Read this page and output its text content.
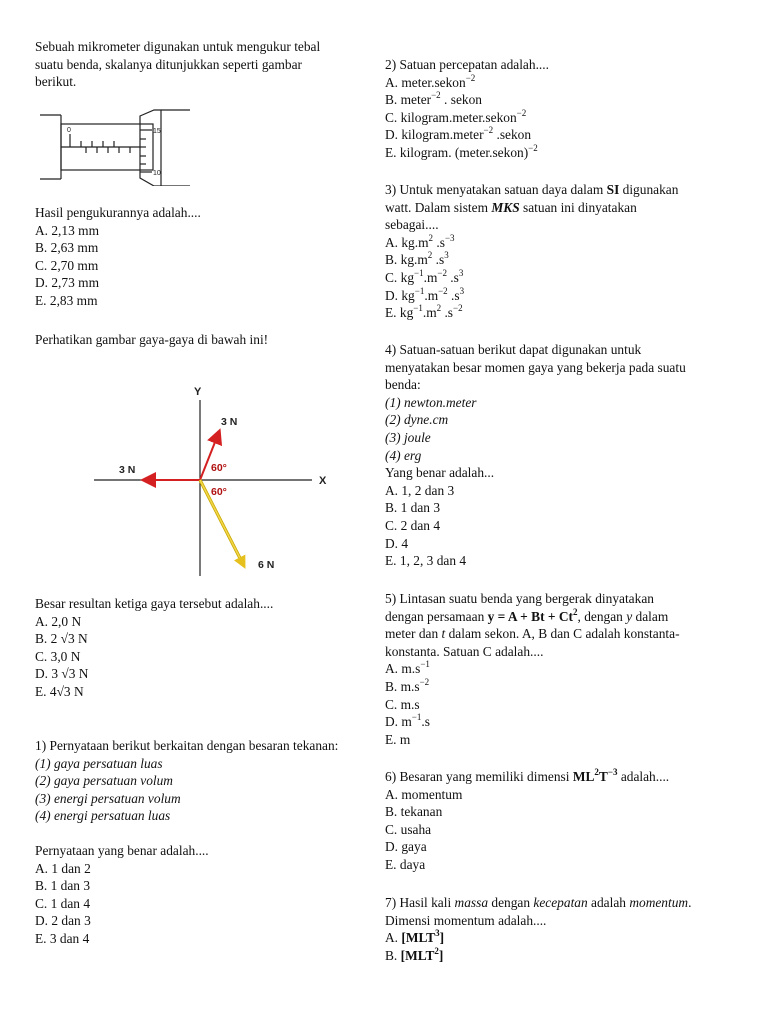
Sebuah mikrometer digunakan untuk mengukur tebal
suatu benda, skalanya ditunjukkan seperti gambar
berikut.
0	15
10
Hasil pengukurannya adalah....
A. 2,13 mm
B. 2,63 mm
C. 2,70 mm
D. 2,73 mm
E. 2,83 mm
Perhatikan gambar gaya-gaya di bawah ini!
Y
X
3 N
3 N
6 N
60°
60°
Besar resultan ketiga gaya tersebut adalah....
A. 2,0 N
B. 2 √3 N
C. 3,0 N
D. 3 √3 N
E. 4√3 N
1) Pernyataan berikut berkaitan dengan besaran tekanan:
(1) gaya persatuan luas
(2) gaya persatuan volum
(3) energi persatuan volum
(4) energi persatuan luas
Pernyataan yang benar adalah....
A. 1 dan 2
B. 1 dan 3
C. 1 dan 4
D. 2 dan 3
E. 3 dan 4
2) Satuan percepatan adalah....
A. meter.sekon$^{-2}$
B. meter$^{-2}$ . sekon
C. kilogram.meter.sekon$^{-2}$
D. kilogram.meter$^{-2}$ .sekon
E. kilogram. (meter.sekon)$^{-2}$
3) Untuk menyatakan satuan daya dalam SI digunakan
watt. Dalam sistem MKS satuan ini dinyatakan
sebagai....
A. $kg.m^2$ $.s^{-3}$
B. $kg.m^2$ $.s^3$
C. $kg^{-1}.m^{-2}$ $.s^3$
D. $kg^{-1}.m^{-2}$ $.s^3$
E. $kg^{-1}.m^2$ $.s^{-2}$
4) Satuan-satuan berikut dapat digunakan untuk
menyatakan besar momen gaya yang bekerja pada suatu
benda:
(1) newton.meter
(2) dyne.cm
(3) joule
(4) erg
Yang benar adalah...
A. 1, 2 dan 3
B. 1 dan 3
C. 2 dan 4
D. 4
E. 1, 2, 3 dan 4
5) Lintasan suatu benda yang bergerak dinyatakan
dengan persamaan $y = A + Bt + Ct^2$, dengan y dalam
meter dan t dalam sekon. A, B dan C adalah konstanta-
konstanta. Satuan C adalah....
A. $m.s^{-1}$
B. $m.s^{-2}$
C. m.s
D. $m^{-1}.s$
E. m
6) Besaran yang memiliki dimensi $ML^2T^{-3}$ adalah....
A. momentum
B. tekanan
C. usaha
D. gaya
E. daya
7) Hasil kali massa dengan kecepatan adalah momentum.
Dimensi momentum adalah....
A. [MLT$^3$]
B. [MLT$^2$]
